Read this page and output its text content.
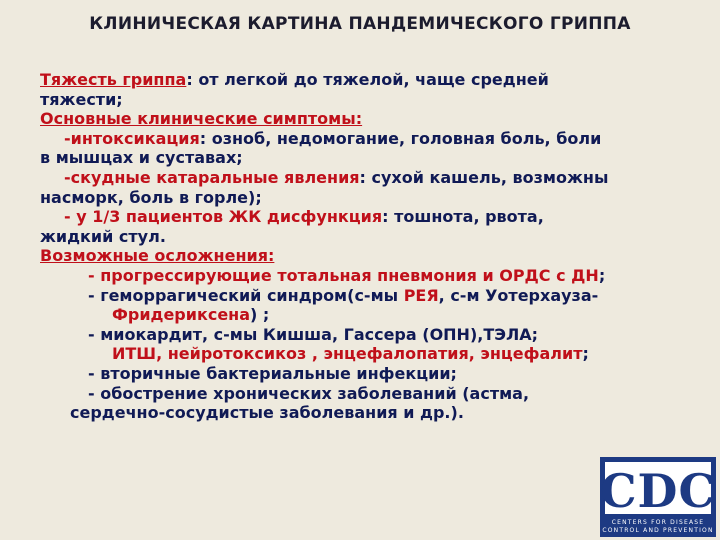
КЛИНИЧЕСКАЯ КАРТИНА ПАНДЕМИЧЕСКОГО ГРИППА
Тяжесть гриппа: от легкой до тяжелой, чаще средней
тяжести;
Основные клинические симптомы:
-интоксикация: озноб, недомогание, головная боль, боли
в мышцах и суставах;
-скудные катаральные явления: сухой кашель, возможны
насморк, боль в горле);
- у 1/3 пациентов ЖК дисфункция: тошнота, рвота,
жидкий стул.
Возможные осложнения:
- прогрессирующие тотальная пневмония и ОРДС с ДН;
- геморрагический синдром(с-мы РЕЯ, с-м Уотерхауза-
Фридериксена) ;
- миокардит, с-мы Кишша, Гассера (ОПН),ТЭЛА;
ИТШ, нейротоксикоз , энцефалопатия, энцефалит;
- вторичные бактериальные инфекции;
- обострение хронических заболеваний (астма,
сердечно-сосудистые заболевания и др.).
CDC
CENTERS FOR DISEASE
CONTROL AND PREVENTION
